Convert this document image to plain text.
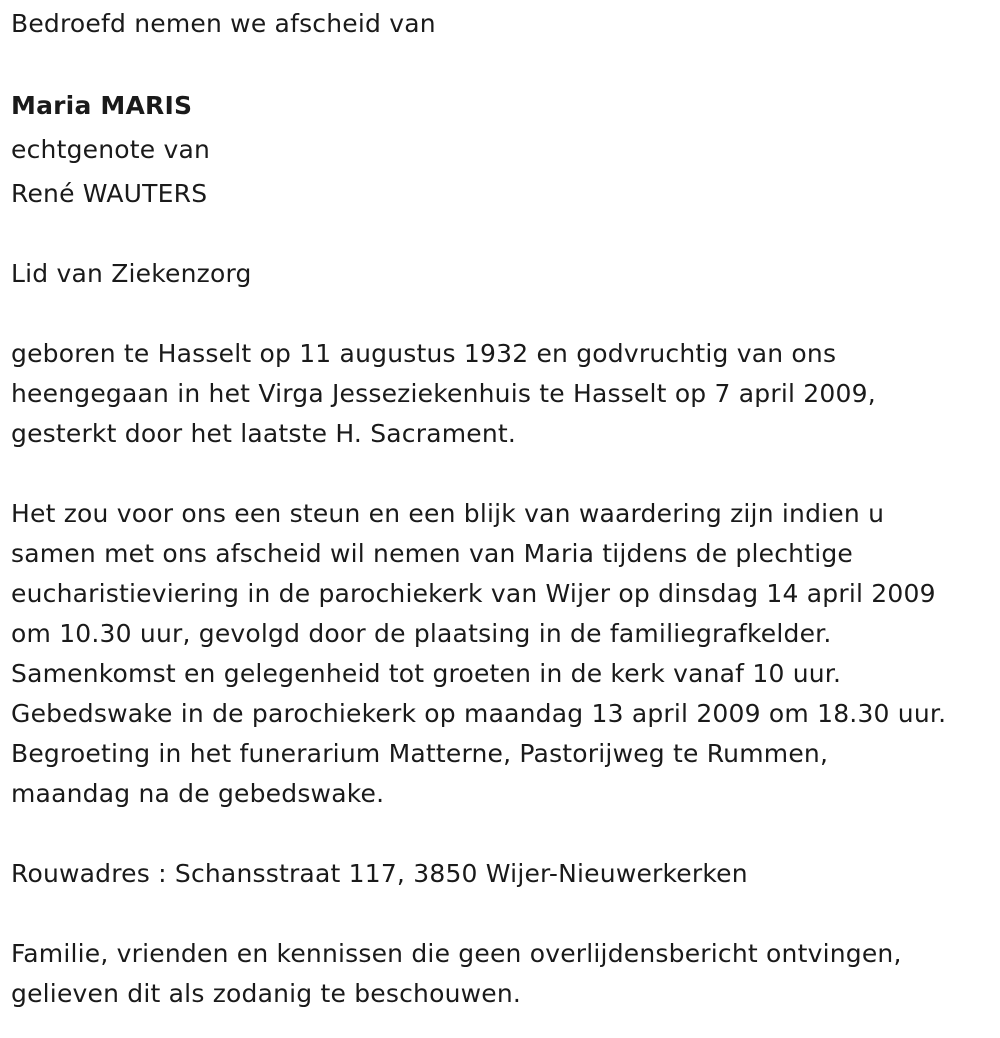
Bedroefd nemen we afscheid van
Maria MARIS
echtgenote van
René WAUTERS
Lid van Ziekenzorg
geboren te Hasselt op 11 augustus 1932 en godvruchtig van ons
heengegaan in het Virga Jesseziekenhuis te Hasselt op 7 april 2009,
gesterkt door het laatste H. Sacrament.
Het zou voor ons een steun en een blijk van waardering zijn indien u
samen met ons afscheid wil nemen van Maria tijdens de plechtige
eucharistieviering in de parochiekerk van Wijer op dinsdag 14 april 2009
om 10.30 uur, gevolgd door de plaatsing in de familiegrafkelder.
Samenkomst en gelegenheid tot groeten in de kerk vanaf 10 uur.
Gebedswake in de parochiekerk op maandag 13 april 2009 om 18.30 uur.
Begroeting in het funerarium Matterne, Pastorijweg te Rummen,
maandag na de gebedswake.
Rouwadres : Schansstraat 117, 3850 Wijer-Nieuwerkerken
Familie, vrienden en kennissen die geen overlijdensbericht ontvingen,
gelieven dit als zodanig te beschouwen.
